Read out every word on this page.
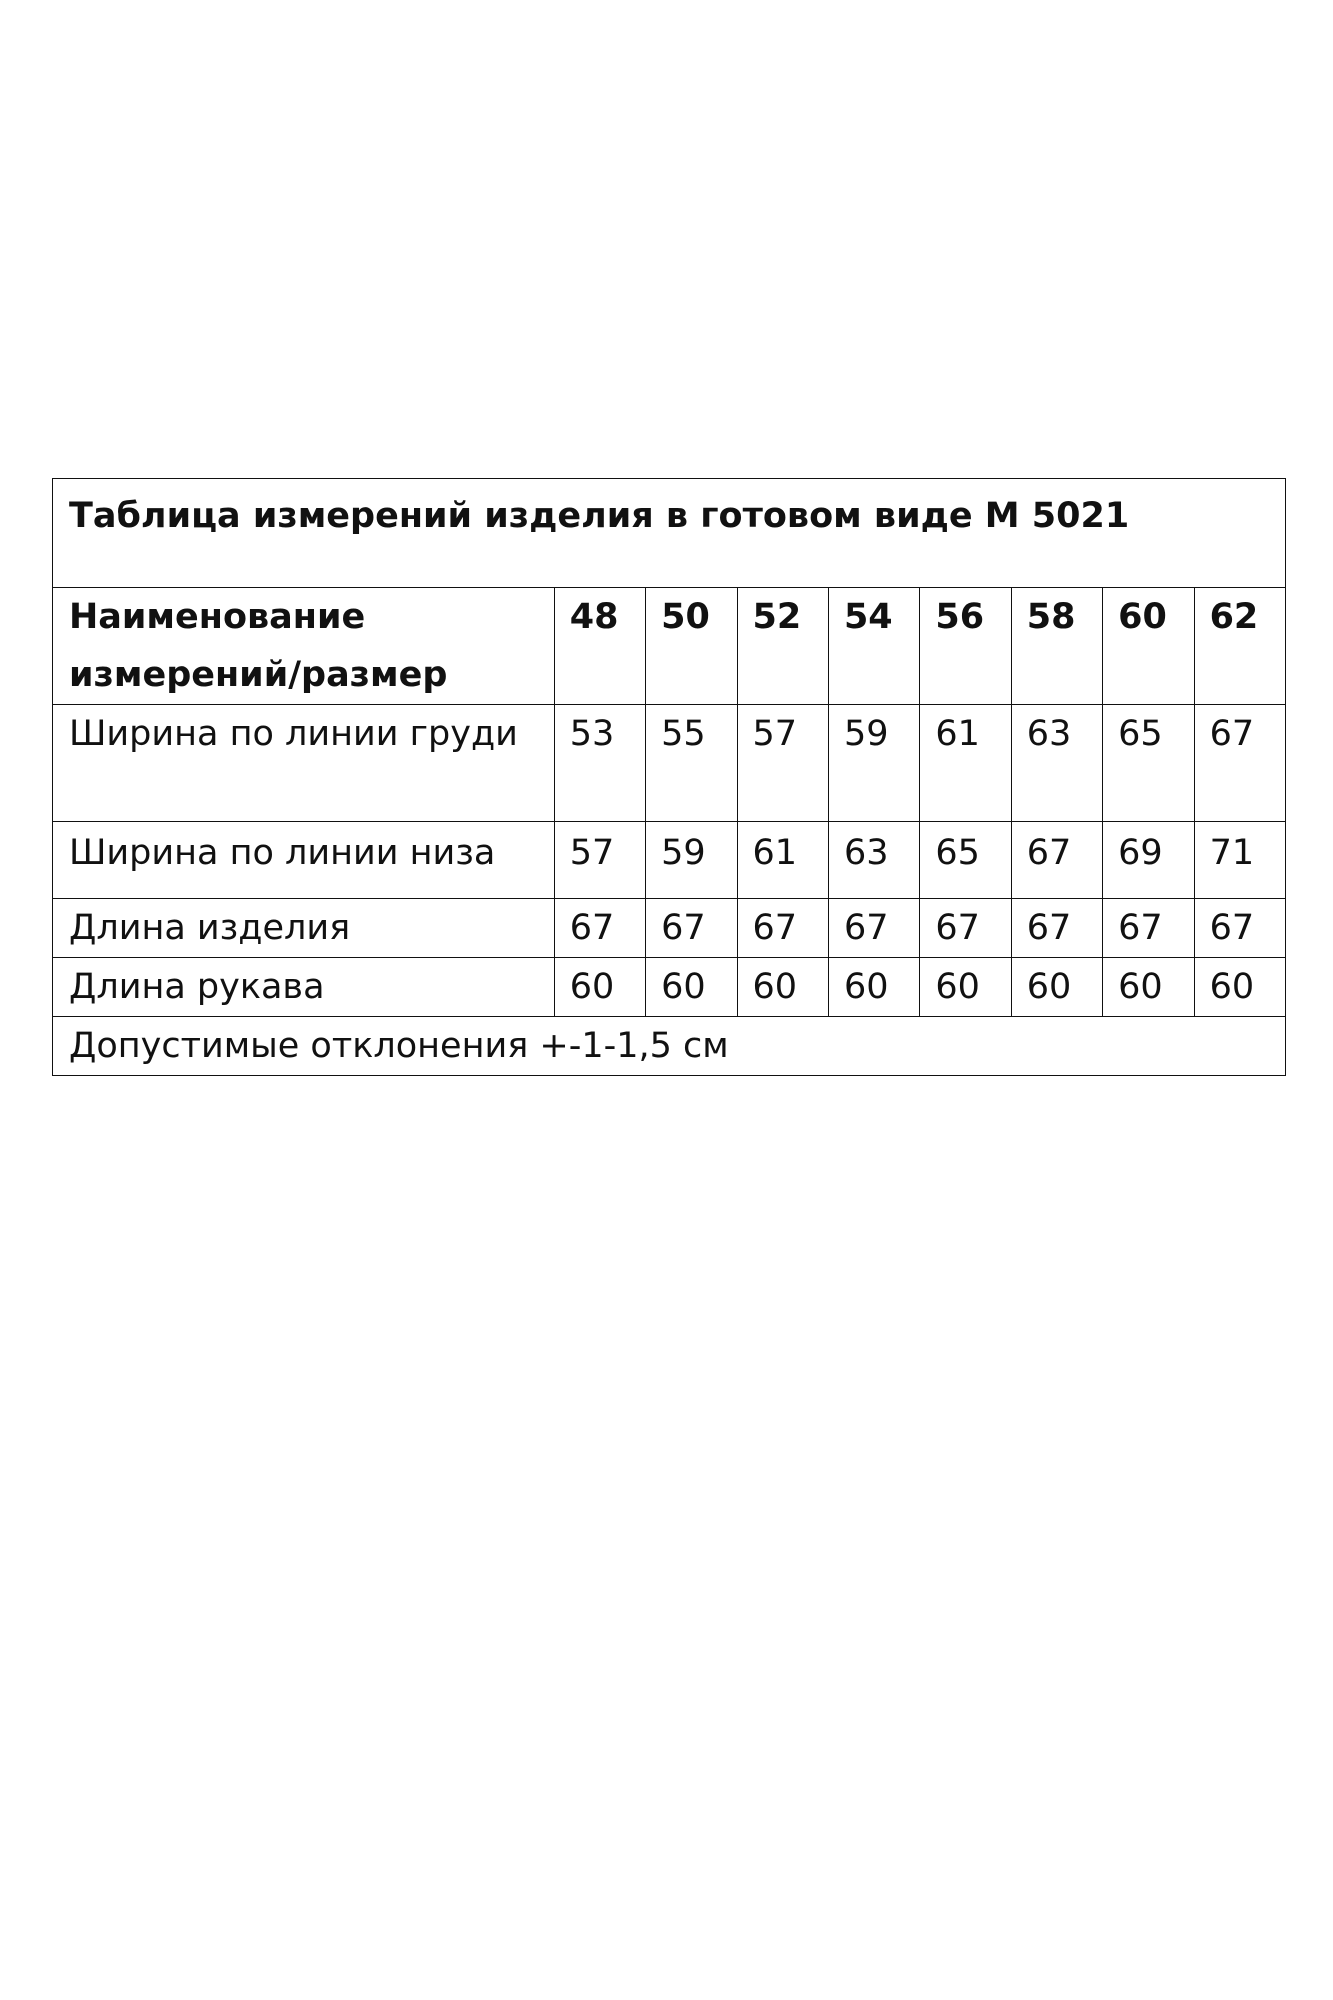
Таблица измерений изделия в готовом виде М 5021								
Наименование измерений/размер	48	50	52	54	56	58	60	62
Ширина по линии груди	53	55	57	59	61	63	65	67
Ширина по линии низа	57	59	61	63	65	67	69	71
Длина изделия	67	67	67	67	67	67	67	67
Длина рукава	60	60	60	60	60	60	60	60
Допустимые отклонения +-1-1,5 см								
